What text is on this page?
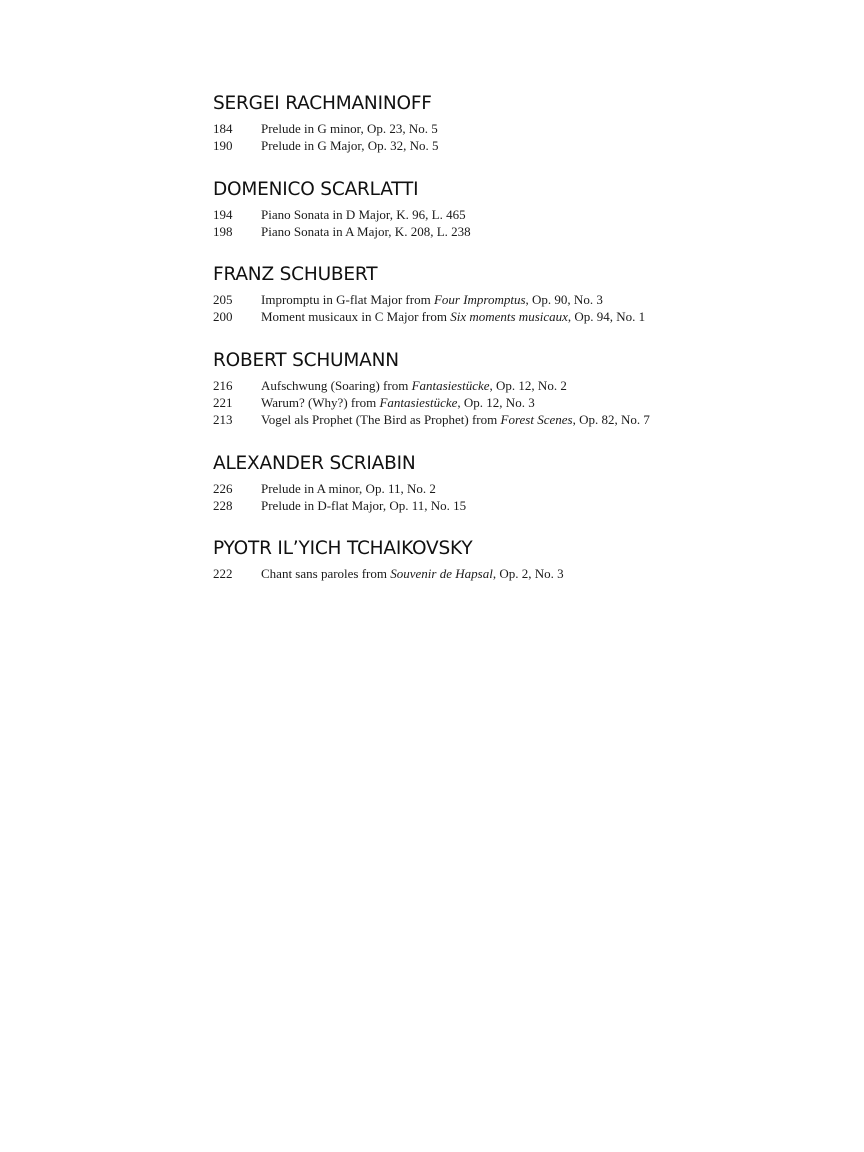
SERGEI RACHMANINOFF
184	Prelude in G minor, Op. 23, No. 5
190	Prelude in G Major, Op. 32, No. 5
DOMENICO SCARLATTI
194	Piano Sonata in D Major, K. 96, L. 465
198	Piano Sonata in A Major, K. 208, L. 238
FRANZ SCHUBERT
205	Impromptu in G-flat Major from Four Impromptus, Op. 90, No. 3
200	Moment musicaux in C Major from Six moments musicaux, Op. 94, No. 1
ROBERT SCHUMANN
216	Aufschwung (Soaring) from Fantasiestücke, Op. 12, No. 2
221	Warum? (Why?) from Fantasiestücke, Op. 12, No. 3
213	Vogel als Prophet (The Bird as Prophet) from Forest Scenes, Op. 82, No. 7
ALEXANDER SCRIABIN
226	Prelude in A minor, Op. 11, No. 2
228	Prelude in D-flat Major, Op. 11, No. 15
PYOTR IL’YICH TCHAIKOVSKY
222	Chant sans paroles from Souvenir de Hapsal, Op. 2, No. 3
